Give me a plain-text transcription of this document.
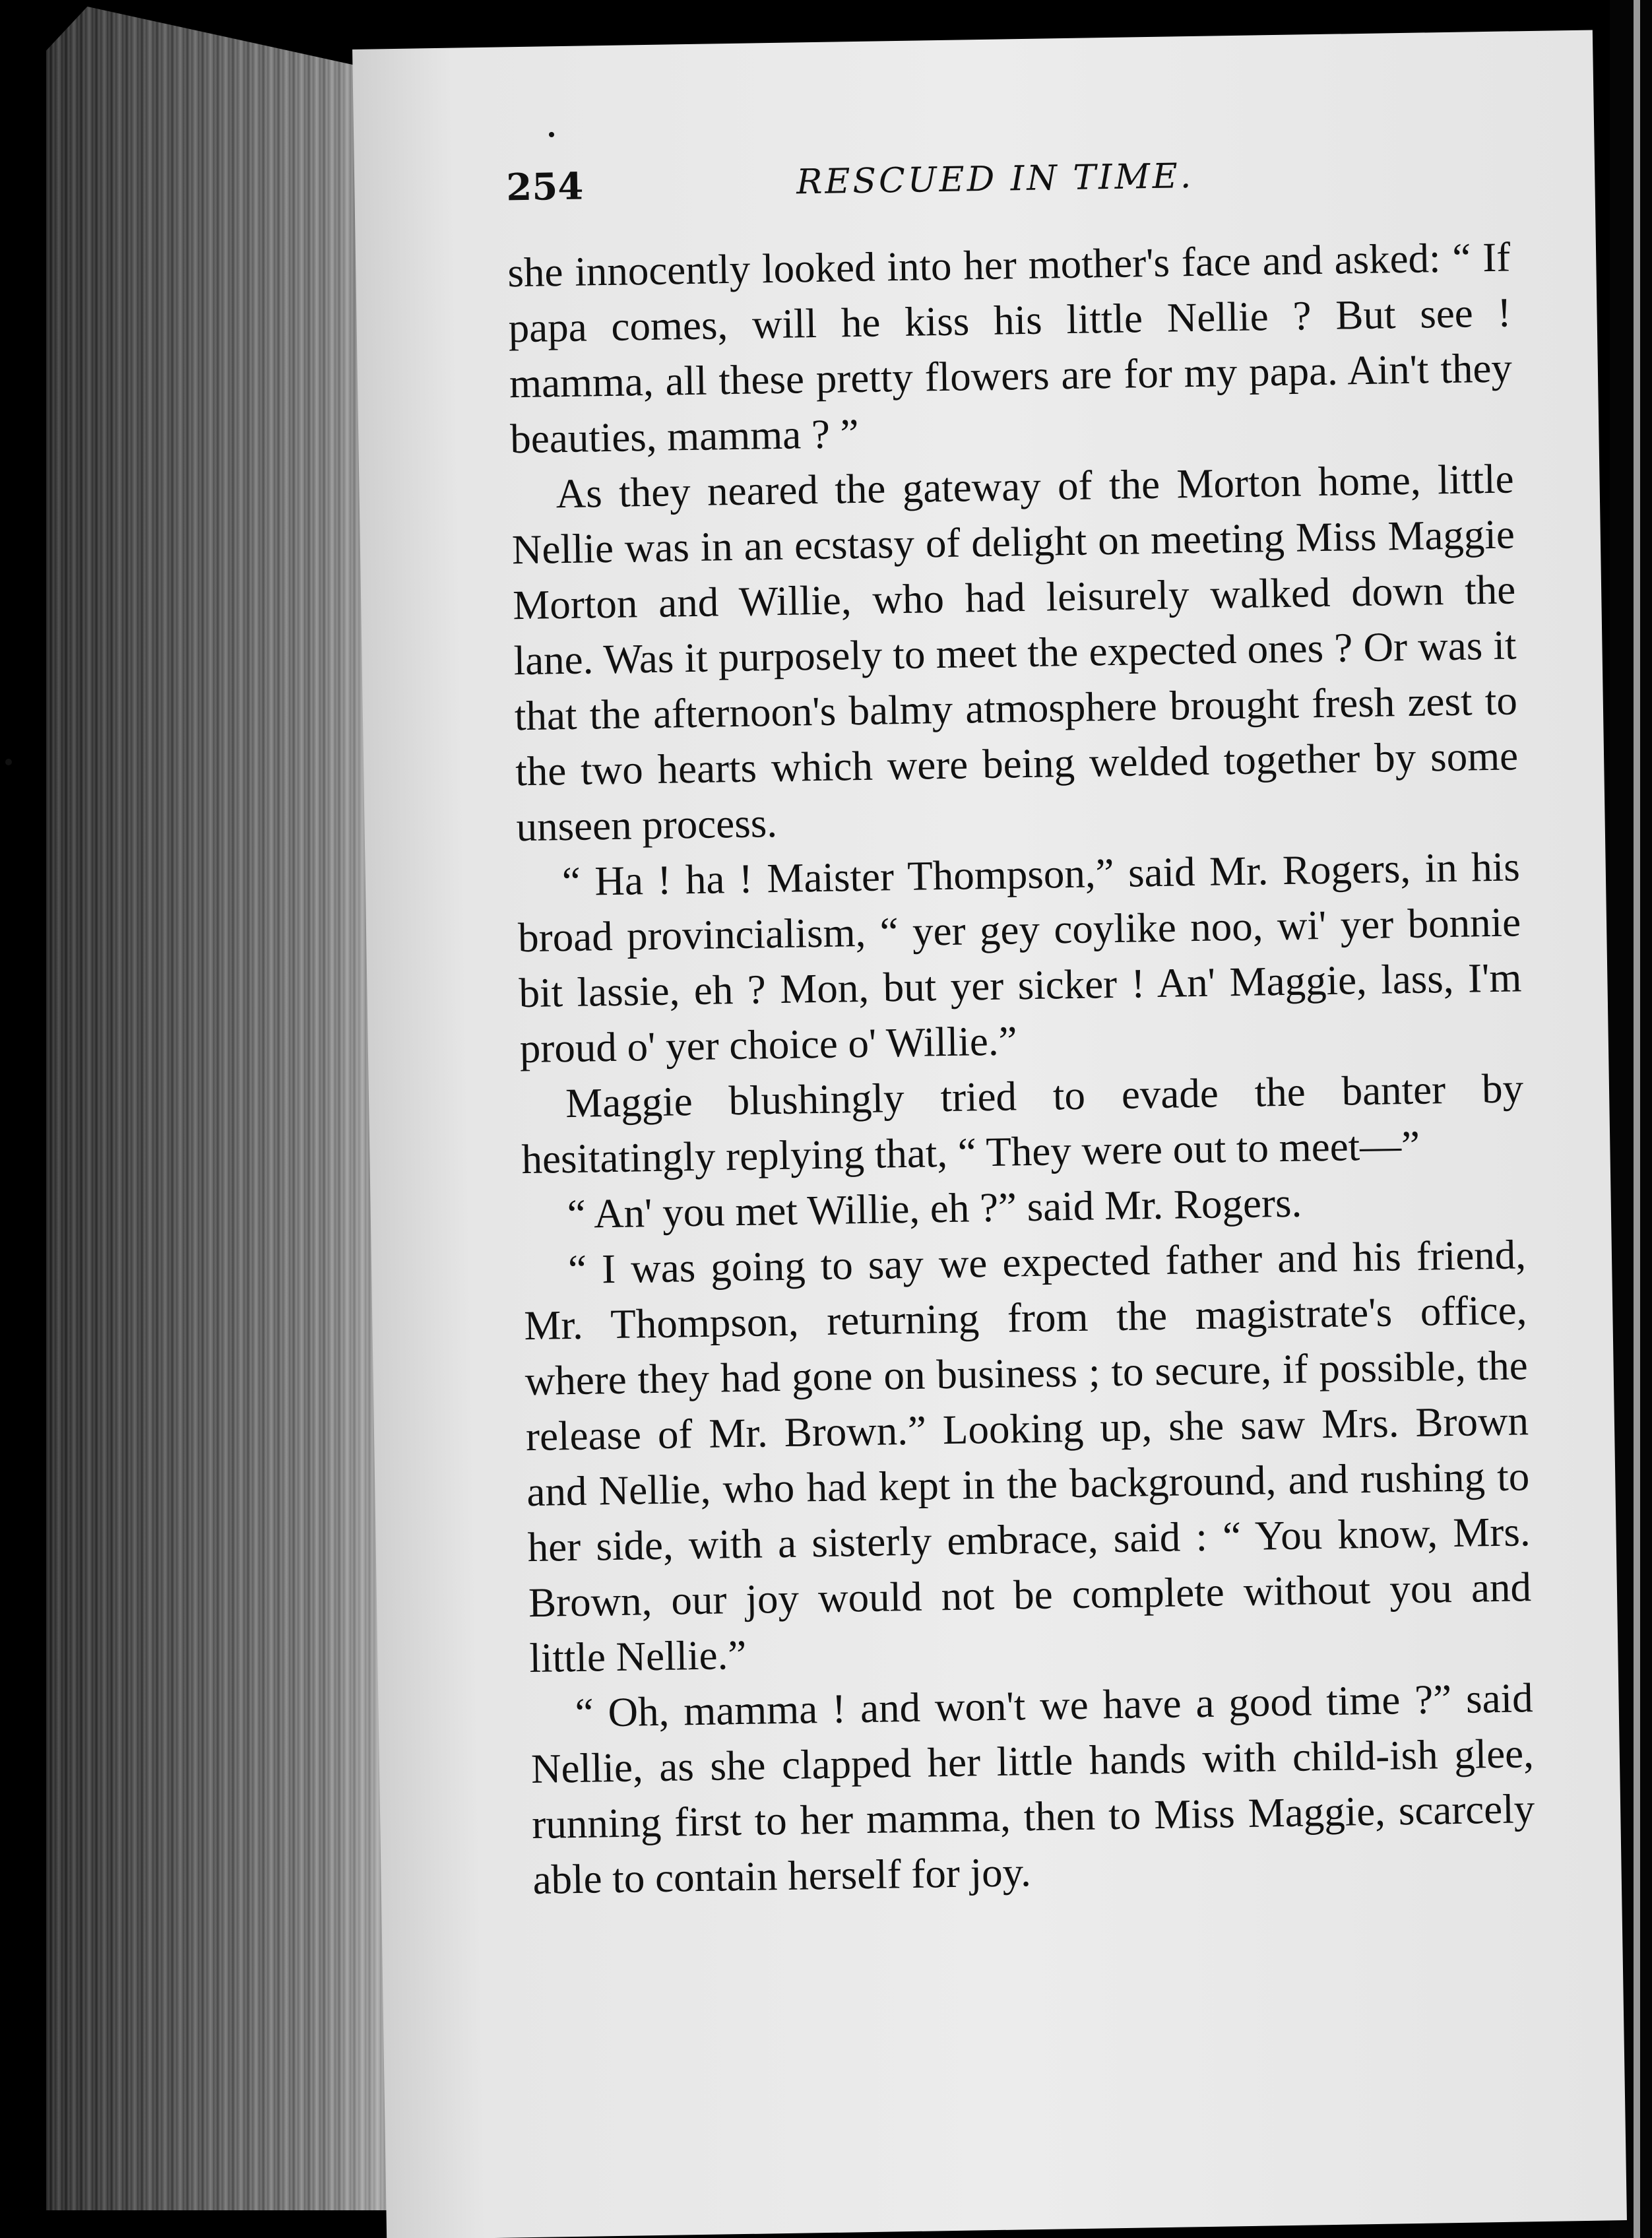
254	RESCUED IN TIME.

she innocently looked into her mother's face and asked: “ If papa comes, will he kiss his little Nellie ? But see ! mamma, all these pretty flowers are for my papa. Ain't they beauties, mamma ? ”

As they neared the gateway of the Morton home, little Nellie was in an ecstasy of delight on meeting Miss Maggie Morton and Willie, who had leisurely walked down the lane. Was it purposely to meet the expected ones ? Or was it that the afternoon's balmy atmosphere brought fresh zest to the two hearts which were being welded together by some unseen process.

“ Ha ! ha ! Maister Thompson,” said Mr. Rogers, in his broad provincialism, “ yer gey coylike noo, wi' yer bonnie bit lassie, eh ? Mon, but yer sicker ! An' Maggie, lass, I'm proud o' yer choice o' Willie.”

Maggie blushingly tried to evade the banter by hesitatingly replying that, “ They were out to meet—”

“ An' you met Willie, eh ?” said Mr. Rogers.

“ I was going to say we expected father and his friend, Mr. Thompson, returning from the magistrate's office, where they had gone on business ; to secure, if possible, the release of Mr. Brown.” Looking up, she saw Mrs. Brown and Nellie, who had kept in the background, and rushing to her side, with a sisterly embrace, said : “ You know, Mrs. Brown, our joy would not be complete without you and little Nellie.”

“ Oh, mamma ! and won't we have a good time ?” said Nellie, as she clapped her little hands with child-ish glee, running first to her mamma, then to Miss Maggie, scarcely able to contain herself for joy.
